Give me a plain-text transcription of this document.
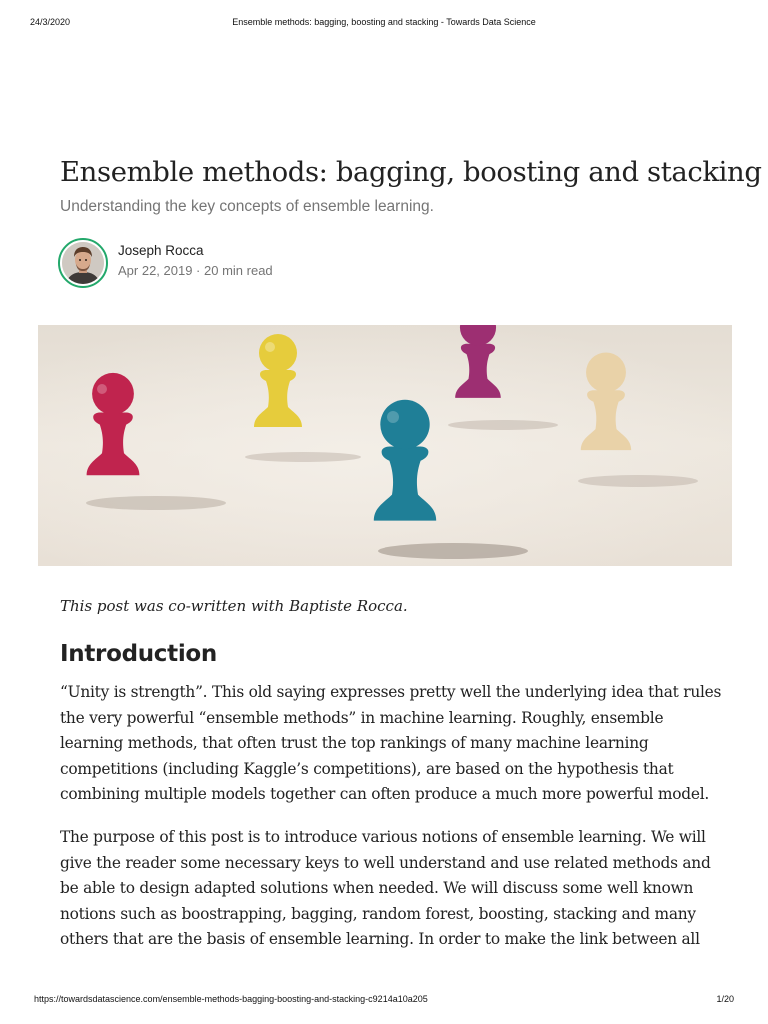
24/3/2020	Ensemble methods: bagging, boosting and stacking - Towards Data Science
Ensemble methods: bagging, boosting and stacking

Understanding the key concepts of ensemble learning.

Joseph Rocca
Apr 22, 2019 · 20 min read

This post was co-written with Baptiste Rocca.

Introduction

“Unity is strength”. This old saying expresses pretty well the underlying idea that rules
the very powerful “ensemble methods” in machine learning. Roughly, ensemble
learning methods, that often trust the top rankings of many machine learning
competitions (including Kaggle’s competitions), are based on the hypothesis that
combining multiple models together can often produce a much more powerful model.

The purpose of this post is to introduce various notions of ensemble learning. We will
give the reader some necessary keys to well understand and use related methods and
be able to design adapted solutions when needed. We will discuss some well known
notions such as boostrapping, bagging, random forest, boosting, stacking and many
others that are the basis of ensemble learning. In order to make the link between all

https://towardsdatascience.com/ensemble-methods-bagging-boosting-and-stacking-c9214a10a205	1/20
